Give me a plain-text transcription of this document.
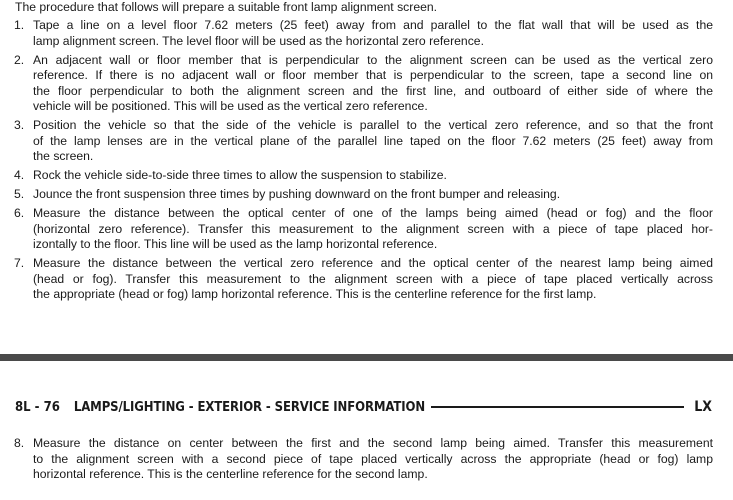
The procedure that follows will prepare a suitable front lamp alignment screen.
1. Tape a line on a level floor 7.62 meters (25 feet) away from and parallel to the flat wall that will be used as the
lamp alignment screen. The level floor will be used as the horizontal zero reference.
2. An adjacent wall or floor member that is perpendicular to the alignment screen can be used as the vertical zero
reference. If there is no adjacent wall or floor member that is perpendicular to the screen, tape a second line on
the floor perpendicular to both the alignment screen and the first line, and outboard of either side of where the
vehicle will be positioned. This will be used as the vertical zero reference.
3. Position the vehicle so that the side of the vehicle is parallel to the vertical zero reference, and so that the front
of the lamp lenses are in the vertical plane of the parallel line taped on the floor 7.62 meters (25 feet) away from
the screen.
4. Rock the vehicle side-to-side three times to allow the suspension to stabilize.
5. Jounce the front suspension three times by pushing downward on the front bumper and releasing.
6. Measure the distance between the optical center of one of the lamps being aimed (head or fog) and the floor
(horizontal zero reference). Transfer this measurement to the alignment screen with a piece of tape placed hor-
izontally to the floor. This line will be used as the lamp horizontal reference.
7. Measure the distance between the vertical zero reference and the optical center of the nearest lamp being aimed
(head or fog). Transfer this measurement to the alignment screen with a piece of tape placed vertically across
the appropriate (head or fog) lamp horizontal reference. This is the centerline reference for the first lamp.
8L - 76 LAMPS/LIGHTING - EXTERIOR - SERVICE INFORMATION	LX
8. Measure the distance on center between the first and the second lamp being aimed. Transfer this measurement
to the alignment screen with a second piece of tape placed vertically across the appropriate (head or fog) lamp
horizontal reference. This is the centerline reference for the second lamp.
